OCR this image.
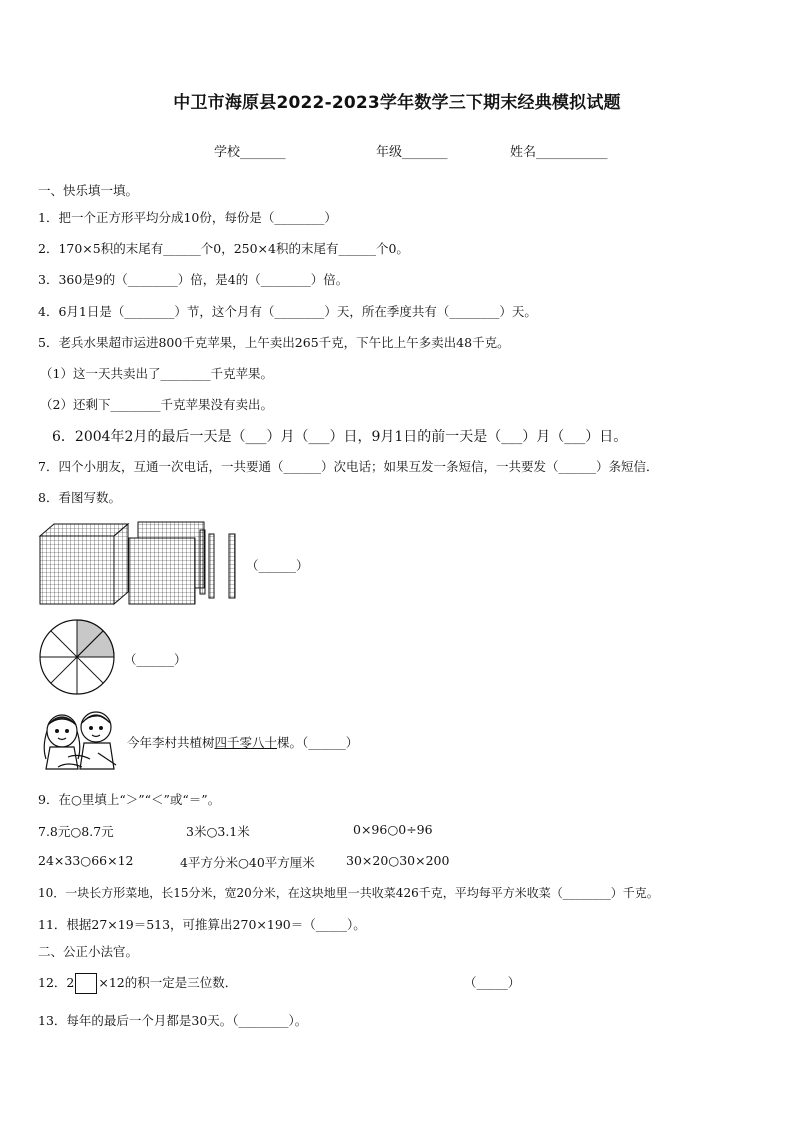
中卫市海原县2022-2023学年数学三下期末经典模拟试题
学校_______	年级_______	姓名___________
一、快乐填一填。
1．把一个正方形平均分成10份，每份是（________）
2．170×5积的末尾有______个0，250×4积的末尾有______个0。
3．360是9的（________）倍，是4的（________）倍。
4．6月1日是（________）节，这个月有（________）天，所在季度共有（________）天。
5．老兵水果超市运进800千克苹果，上午卖出265千克，下午比上午多卖出48千克。
（1）这一天共卖出了________千克苹果。
（2）还剩下________千克苹果没有卖出。
6．2004年2月的最后一天是（___）月（___）日，9月1日的前一天是（___）月（___）日。
7．四个小朋友，互通一次电话，一共要通（______）次电话；如果互发一条短信，一共要发（______）条短信．
8．看图写数。
（______）
（______）
今年李村共植树四千零八十棵。（______）
9．在○里填上“＞”“＜”或“＝”。
7.8元○8.7元	3米○3.1米	0×96○0÷96
24×33○66×12	4平方分米○40平方厘米 30×20○30×200
10．一块长方形菜地，长15分米，宽20分米，在这块地里一共收菜426千克，平均每平方米收菜（________）千克。
11．根据27×19＝513，可推算出270×190＝（_____）。
二、公正小法官。
12．2 ×12的积一定是三位数．	（_____）
13．每年的最后一个月都是30天。（________）。
